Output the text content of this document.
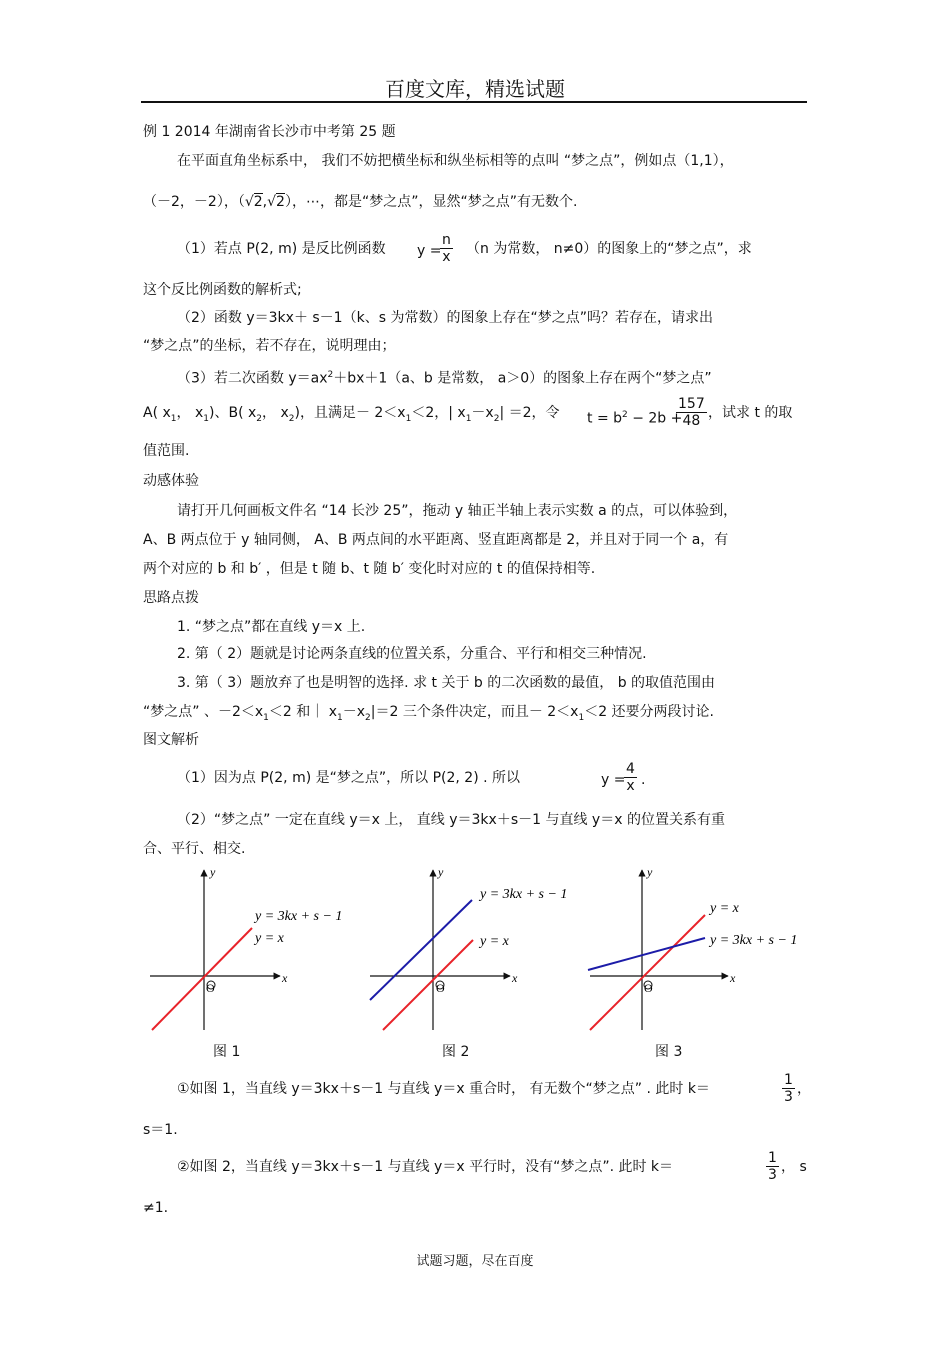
百度文库，精选试题
例 1 2014 年湖南省长沙市中考第 25 题
在平面直角坐标系中， 我们不妨把横坐标和纵坐标相等的点叫 “梦之点”，例如点（1,1），
（－2，－2），（√2,√2），⋯，都是“梦之点”，显然“梦之点”有无数个.
（1）若点 P(2, m) 是反比例函数 y =
$\frac{n}{x} (n$ 为常数， n≠0）的图象上的“梦之点”，求
这个反比例函数的解析式;
（2）函数 y＝3kx＋ s－1（k、s 为常数）的图象上存在“梦之点”吗？若存在，请求出
“梦之点”的坐标，若不存在，说明理由；
（3）若二次函数 $y=ax^2+bx+1(a$、b 是常数， a＞0）的图象上存在两个“梦之点”
A( $x_1$， $x_1$)、B( $x_2$， $x_2$)，且满足－ $2<x_1<2$，| $x_1-x_2| =2$，令 $t = b^2 - 2b$ +
$\frac{157}{48}$ ，试求 t 的取
值范围.
动感体验
请打开几何画板文件名 “14 长沙 25”，拖动 y 轴正半轴上表示实数 a 的点，可以体验到，
A、B 两点位于 y 轴同侧， A、B 两点间的水平距离、竖直距离都是 2，并且对于同一个 a，有
两个对应的 b 和 b′ ，但是 t 随 b、t 随 b′ 变化时对应的 t 的值保持相等.
思路点拨
1. “梦之点”都在直线 y＝x 上.
2. 第（ 2）题就是讨论两条直线的位置关系，分重合、平行和相交三种情况.
3. 第（ 3）题放弃了也是明智的选择. 求 t 关于 b 的二次函数的最值， b 的取值范围由
“梦之点” 、$-2<x_1<2$ 和｜ $x_1-x_2|=2$ 三个条件决定，而且－ $2<x_1<2$ 还要分两段讨论.
图文解析
（1）因为点 P(2, m) 是“梦之点”，所以 P(2, 2) . 所以	y =
$\frac{4}{x}$ .
（2）“梦之点” 一定在直线 y＝x 上， 直线 y＝3kx＋s－1 与直线 y＝x 的位置关系有重
合、平行、相交.
x
y
O
y = 3kx + s − 1
y = x
x
y
O
y = 3kx + s − 1
y = x
x
y
O
y = x
y = 3kx + s − 1
图 1	图 2	图 3
①如图 1，当直线 y＝3kx＋s－1 与直线 y＝x 重合时， 有无数个“梦之点” . 此时 k＝	$\frac{1}{3}$ ，
s＝1.
②如图 2，当直线 y＝3kx＋s－1 与直线 y＝x 平行时，没有“梦之点”. 此时 k＝	$\frac{1}{3}$ ， s
≠1.
试题习题，尽在百度
